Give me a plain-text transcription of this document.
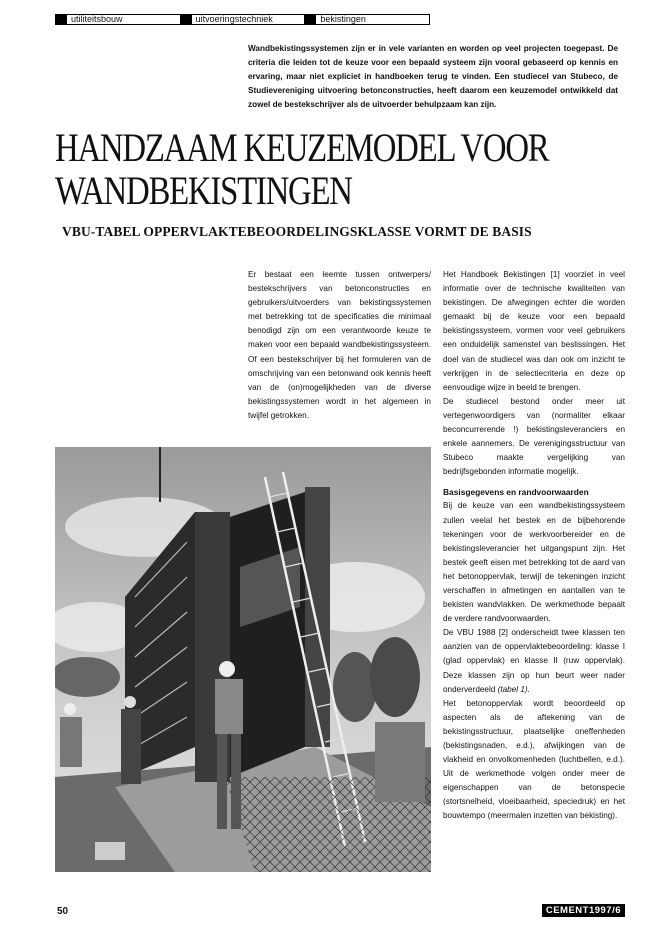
utiliteitsbouw	uitvoeringstechniek	bekistingen
Wandbekistingssystemen zijn er in vele varianten en worden op veel projecten toegepast. De criteria die leiden tot de keuze voor een bepaald systeem zijn vooral gebaseerd op kennis en ervaring, maar niet expliciet in handboeken terug te vinden. Een studiecel van Stubeco, de Studievereniging uitvoering betonconstructies, heeft daarom een keuzemodel ontwikkeld dat zowel de bestekschrijver als de uitvoerder behulpzaam kan zijn.
HANDZAAM KEUZEMODEL VOOR
WANDBEKISTINGEN
VBU-TABEL OPPERVLAKTEBEOORDELINGSKLASSE VORMT DE BASIS

Er bestaat een leemte tussen ontwerpers/ bestekschrijvers van betonconstructies en gebruikers/uitvoerders van bekistingssystemen met betrekking tot de specificaties die minimaal benodigd zijn om een verantwoorde keuze te maken voor een bepaald wandbekistingssysteem. Of een bestekschrijver bij het formuleren van de omschrijving van een betonwand ook kennis heeft van de (on)mogelijkheden van de diverse bekistingssystemen wordt in het algemeen in twijfel getrokken.

Het Handboek Bekistingen [1] voorziet in veel informatie over de technische kwaliteiten van bekistingen. De afwegingen echter die worden gemaakt bij de keuze voor een bepaald bekistingssysteem, vormen voor veel gebruikers een onduidelijk samenstel van beslissingen. Het doel van de studiecel was dan ook om inzicht te verkrijgen in de selectiecriteria en deze op eenvoudige wijze in beeld te brengen.

De studiecel bestond onder meer uit vertegenwoordigers van (normaliter elkaar beconcurrerende !) bekistingsleveranciers en enkele aannemers. De verenigingsstructuur van Stubeco maakte vergelijking van bedrijfsgebonden informatie mogelijk.

Basisgegevens en randvoorwaarden

Bij de keuze van een wandbekistingssysteem zullen veelal het bestek en de bijbehorende tekeningen voor de werkvoorbereider en de bekistingsleverancier het uitgangspunt zijn. Het bestek geeft eisen met betrekking tot de aard van het betonoppervlak, terwijl de tekeningen inzicht verschaffen in afmetingen en aantallen van te bekisten wandvlakken. De werkmethode bepaalt de verdere randvoorwaarden.

De VBU 1988 [2] onderscheidt twee klassen ten aanzien van de oppervlaktebeoordeling: klasse I (glad oppervlak) en klasse II (ruw oppervlak). Deze klassen zijn op hun beurt weer nader onderverdeeld (tabel 1).

Het betonoppervlak wordt beoordeeld op aspecten als de aftekening van de bekistingsstructuur, plaatselijke oneffenheden (bekistingsnaden, e.d.), afwijkingen van de vlakheid en onvolkomenheden (luchtbellen, e.d.). Uit de werkmethode volgen onder meer de eigenschappen van de betonspecie (stortsnelheid, vloeibaarheid, speciedruk) en het bouwtempo (meermalen inzetten van bekisting).

50	CEMENT1997/6
